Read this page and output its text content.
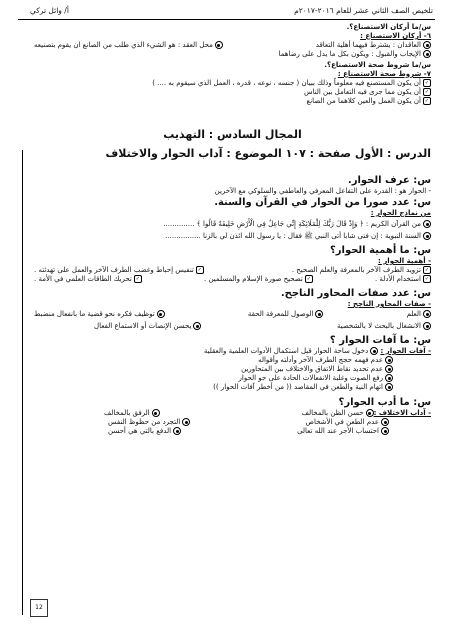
تلخيص الصف الثاني عشر للعام ٢٠١٦-٢٠١٧م
أ/ وائل تركي
س/ما أركان الاستصناع؟.
٦- أركان الاستصناع :
العاقدان : يشترط فيهما أهلية التعاقد
محل العقد : هو الشيء الذي طلب من الصانع ان يقوم بتصنيعه
الإيجاب والقبول : ويكون بكل ما يدل على رضاهما
س/ما شروط صحة الاستصناع؟.
٧- شروط صحة الاستصناع :
✓أن يكون المستصنع فيه معلوماً وذلك ببيان ( جنسه ، نوعه ، قدره ، العمل الذي سيقوم به .... )
✓أن يكون مما جرى فيه التعامل بين الناس
✓أن يكون العمل والعين كلاهما من الصانع
المجال السادس : التهذيب
الدرس : الأول صفحة : ١٠٧ الموضوع : آداب الحوار والاختلاف
س: عرف الحوار.
- الحوار هو : القدرة على التفاعل المعرفي والعاطفي والسلوكي مع الآخرين
س: عدد صورا من الحوار في القرآن والسنة.
من نماذج الحوار :
من القرآن الكريم : ﴿ وَإِذْ قَالَ رَبُّكَ لِلْمَلَائِكَةِ إِنِّي جَاعِلٌ فِي الْأَرْضِ خَلِيفَةً قَالُوا ﴾ ..............
السنة النبوية : إن فتى شابا أتى النبي ﷺ فقال : يا رسول الله ائذن لي بالزنا ................
س: ما أهمية الحوار؟
- أهمية الحوار :
✓تزويد الطرف الآخر بالمعرفة والعلم الصحيح .
✓تنفيس إحباط وغضب الطرف الآخر والعمل على تهدئته .
✓استخدام الأدلة .
✓تصحيح صورة الإسلام والمسلمين .
✓تحريك الطاقات العلمي في الأمة .
س: عدد صفات المحاور الناجح.
- صفات المحاور الناجح :
العلم
الوصول للمعرفة الحقة
توظيف فكره نحو قضية ما بانفعال منضبط
الانشغال بالبحث لا بالشخصية
يحسن الإنصات أو الاستماع الفعال
س: ما آفات الحوار ؟
- آفات الحوار : دخول ساحة الحوار قبل استكمال الأدوات العلمية والعقلية
عدم فهمه حجج الطرف الآخر وأدلته وأقواله
عدم تحديد نقاط الاتفاق والاختلاف بين المتحاورين
رفع الصوت وغلبة الانفعالات الحادة على جو الحوار
اتهام النية والطعن في المقاصد (( من أخطر آفات الحوار ))
س: ما أدب الحوار؟
- آداب الاختلاف :حسن الظن بالمخالف
الرفق بالمخالف
عدم الطعن في الأشخاص
التجرد من حظوظ النفس
احتساب الأجر عند الله تعالى
الدفع بالتي هي أحسن
12
